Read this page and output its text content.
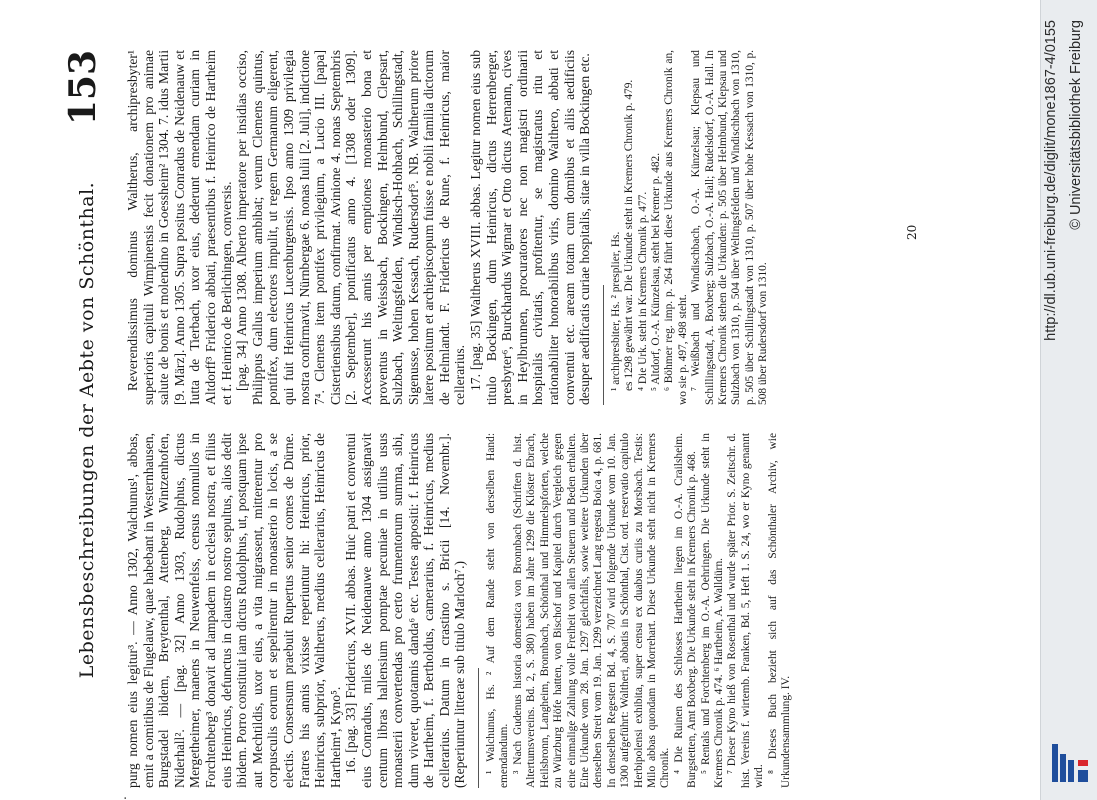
Lebensbeschreibungen der Aebte von Schönthal.
153
.

purg nomen eius legitur³. — Anno 1302, Walchunus¹, abbas, emit a comitibus de Flugelauw, quae habebant in Westernhausen, Burgstadel ibidem, Breytenthal, Attenberg, Wintzenhofen, Niderhall². — [pag. 32] Anno 1303, Rudolphus, dictus Mergetheimer, manens in Neuwenfelss, census nonnullos in Forchtenberg³ donavit ad lampadem in ecclesia nostra, et filius eius Heinricus, defunctus in claustro nostro sepultus, alios dedit ibidem. Porro constituit iam dictus Rudolphus, ut, postquam ipse aut Mechtildis, uxor eius, a vita migrassent, mitterentur pro corpusculis eorum et sepelirentur in monasterio in locis, a se electis. Consensum praebuit Rupertus senior comes de Dürne. Fratres his annis vixisse reperiuntur hi: Heinricus, prior, Heinricus, subprior, Waltherus, medius cellerarius, Heinricus de Hartheim⁴, Kyno⁵. 16. [pag. 33] Fridericus, XVII. abbas. Huic patri et conventui eius Conradus, miles de Neidenauwe anno 1304 assignavit centum libras hallensium pomptae pecuniae in utilius usus monasterii convertendas pro certo frumentorum summa, sibi, dum viveret, quotannis danda⁶ etc. Testes appositi: f. Heinricus de Hartheim, f. Bertholdus, camerarius, f. Heinricus, medius cellerarius. Datum in crastino s. Bricii [14. Novembr.]. (Reperiuntur litterae sub titulo Marloch⁷.) ¹ Walchunus, Hs. ² Auf dem Rande steht von derselben Hand: emendandum. ³ Nach Gudenus historia domestica von Bronnbach (Schriften d. hist. Altertumsvereins. Bd. 2, S. 380) haben im Jahre 1299 die Klöster Ebrach, Heilsbronn, Langheim, Bronnbach, Schönthal und Himmelspforten, welche zu Würzburg Höfe hatten, von Bischof und Kapitel durch Vergleich gegen eine einmalige Zahlung volle Freiheit von allen Steuern und Beden erhalten. Eine Urkunde vom 28. Jan. 1297 gleichfalls, sowie weitere Urkunden über denselben Streit vom 19. Jan. 1299 verzeichnet Lang regesta Boica 4, p. 681. In denselben Regesten Bd. 4, S. 707 wird folgende Urkunde vom 10. Jan. 1300 aufgeführt: Waltheri, abbatis in Schönthal, Cist. ord. reservatio capitulo Herbipolensi exhibita, super censu ex duabus curiis zu Morsbach. Testis: Milo abbas quondam in Morrehart. Diese Urkunde steht nicht in Kremers Chronik. ⁴ Die Ruinen des Schlosses Hartheim liegen im O.-A. Crailsheim. Burgstetten, Amt Boxberg. Die Urkunde steht in Kremers Chronik p. 468. ⁵ Rentals und Forchtenberg im O.-A. Oehringen. Die Urkunde steht in Kremers Chronik p. 474. ⁶ Hartheim, A. Walldürn. ⁷ Dieser Kyno hieß von Rosenthal und wurde später Prior. S. Zeitschr. d. hist. Vereins f. wirtemb. Franken, Bd. 5, Heft 1. S. 24, wo er Kyno genannt wird.

⁸ Dieses Buch bezieht sich auf das Schönthaler Archiv, wie Urkundensammlung. IV.

Reverendissimus dominus Waltherus, archipresbyter¹ superioris capituli Wimpinensis fecit donationem pro animae salute de bonis et molendino in Goessheim² 1304. 7. idus Martii [9. März]. Anno 1305. Supra positus Conradus de Neidenauw et Iutta de Tierbach, uxor eius, dederunt emendam curiam in Altdorff³ Friderico abbati, praesentibus f. Heinrico de Hartheim et f. Heinrico de Berlichingen, conversis. [pag. 34] Anno 1308. Alberto imperatore per insidias occiso, Philippus Gallus imperium ambibat; verum Clemens quintus, pontifex, dum electores impulit, ut regem Germanum eligerent, qui fuit Heinricus Lucenburgensis. Ipso anno 1309 privilegia nostra confirmavit, Nürnbergae 6. nonas Iulii [2. Juli], indictione 7⁴. Clemens item pontifex privilegium, a Lucio III. [papa] Cistertiensibus datum, confirmat. Avinione 4. nonas Septembris [2. September], pontificatus anno 4. [1308 oder 1309]. Accesserunt his annis per emptiones monasterio bona et proventus in Weissbach, Bockingen, Helmbund, Clepsart, Sulzbach, Weltingsfelden, Windisch-Hohbach, Schillingstadt, Sigenusse, hohen Kessach, Rudersdorf⁵. NB. Waltherum priore latere positum et archiepiscopum fuisse e nobili familia dictorum de Helmlandt. F. Fridericus de Rune, f. Heinricus, maior cellerarius. 17. [pag. 35] Waltherus XVIII. abbas. Legitur nomen eius sub titulo Bockingen, dum Heinricus, dictus Herrenberger, presbyter⁶, Burckhardus Wigmar et Otto dictus Atemann, cives in Heylbrunnen, procuratores nec non magistri ordinarii hospitalis civitatis, profitentur, se magistratus ritu et rationabiliter honorabilibus viris, domino Walthero, abbati et conventui etc. aream totam cum domibus et aliis aedificiis desuper aedificatis curiae hospitalis, sitae in villa Bockingen etc. ¹ archipresbiter, Hs. ² presplier, Hs. es 1298 gewährt war. Die Urkunde steht in Kremers Chronik p. 479. ⁴ Die Urk. steht in Kremers Chronik p. 477. ⁵ Altdorf, O.-A. Künzelsau, steht bei Kremer p. 482. ⁶ Böhmer reg. imp. p. 264 führt diese Urkunde aus Kremers Chronik an, wo sie p. 497, 498 steht. ⁷ Weißbach und Windischbach, O.-A. Künzelsau; Klepsau und Schillingstadt, A. Boxberg; Sulzbach, O.-A. Hall; Rudelsdorf, O.-A. Hall. In Kremers Chronik stehen die Urkunden: p. 505 über Helmbund, Klepsau und Sulzbach von 1310, p. 504 über Weltingsfelden und Windischbach von 1310, p. 505 über Schillingstadt von 1310, p. 507 über hohe Kessach von 1310, p. 508 über Rudersdorf von 1310.

20	http://dl.ub.uni-freiburg.de/diglit/mone1867-4/0155 © Universitätsbibliothek Freiburg
